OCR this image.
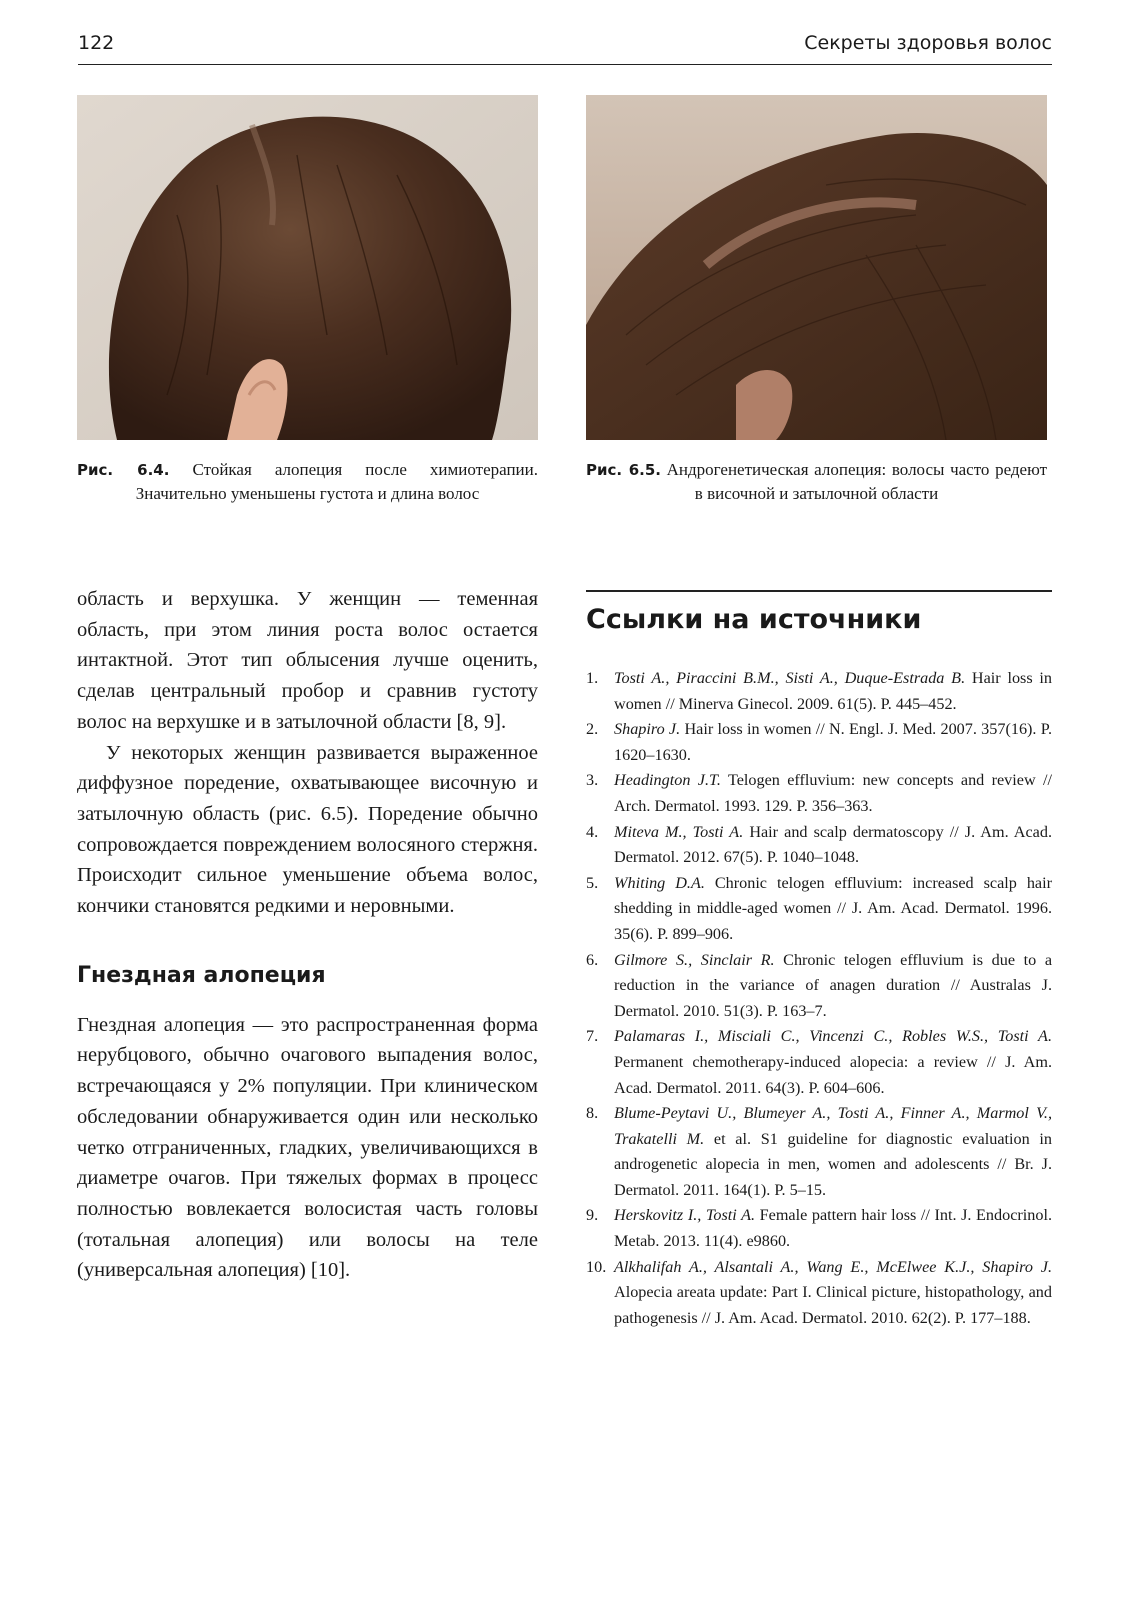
122	Секреты здоровья волос
Рис. 6.4. Стойкая алопеция после химиотерапии. Значительно уменьшены густота и длина волос
Рис. 6.5. Андрогенетическая алопеция: волосы часто редеют в височной и затылочной области

область и верхушка. У женщин — теменная область, при этом линия роста волос остается интактной. Этот тип облысения лучше оценить, сделав центральный пробор и сравнив густоту волос на верхушке и в затылочной области [8, 9].

У некоторых женщин развивается выраженное диффузное поредение, охватывающее височную и затылочную область (рис. 6.5). Поредение обычно сопровождается повреждением волосяного стержня. Происходит сильное уменьшение объема волос, кончики становятся редкими и неровными.

Гнездная алопеция

Гнездная алопеция — это распространенная форма нерубцового, обычно очагового выпадения волос, встречающаяся у 2% популяции. При клиническом обследовании обнаруживается один или несколько четко отграниченных, гладких, увеличивающихся в диаметре очагов. При тяжелых формах в процесс полностью вовлекается волосистая часть головы (тотальная алопеция) или волосы на теле (универсальная алопеция) [10].

Ссылки на источники
1. Tosti A., Piraccini B.M., Sisti A., Duque-Estrada B. Hair loss in women // Minerva Ginecol. 2009. 61(5). P. 445–452.
2. Shapiro J. Hair loss in women // N. Engl. J. Med. 2007. 357(16). P. 1620–1630.
3. Headington J.T. Telogen effluvium: new concepts and review // Arch. Dermatol. 1993. 129. P. 356–363.
4. Miteva M., Tosti A. Hair and scalp dermatoscopy // J. Am. Acad. Dermatol. 2012. 67(5). P. 1040–1048.
5. Whiting D.A. Chronic telogen effluvium: increased scalp hair shedding in middle-aged women // J. Am. Acad. Dermatol. 1996. 35(6). P. 899–906.
6. Gilmore S., Sinclair R. Chronic telogen effluvium is due to a reduction in the variance of anagen duration // Australas J. Dermatol. 2010. 51(3). P. 163–7.
7. Palamaras I., Misciali C., Vincenzi C., Robles W.S., Tosti A. Permanent chemotherapy-induced alopecia: a review // J. Am. Acad. Dermatol. 2011. 64(3). P. 604–606.
8. Blume-Peytavi U., Blumeyer A., Tosti A., Finner A., Marmol V., Trakatelli M. et al. S1 guideline for diagnostic evaluation in androgenetic alopecia in men, women and adolescents // Br. J. Dermatol. 2011. 164(1). P. 5–15.
9. Herskovitz I., Tosti A. Female pattern hair loss // Int. J. Endocrinol. Metab. 2013. 11(4). e9860.
10. Alkhalifah A., Alsantali A., Wang E., McElwee K.J., Shapiro J. Alopecia areata update: Part I. Clinical picture, histopathology, and pathogenesis // J. Am. Acad. Dermatol. 2010. 62(2). P. 177–188.
